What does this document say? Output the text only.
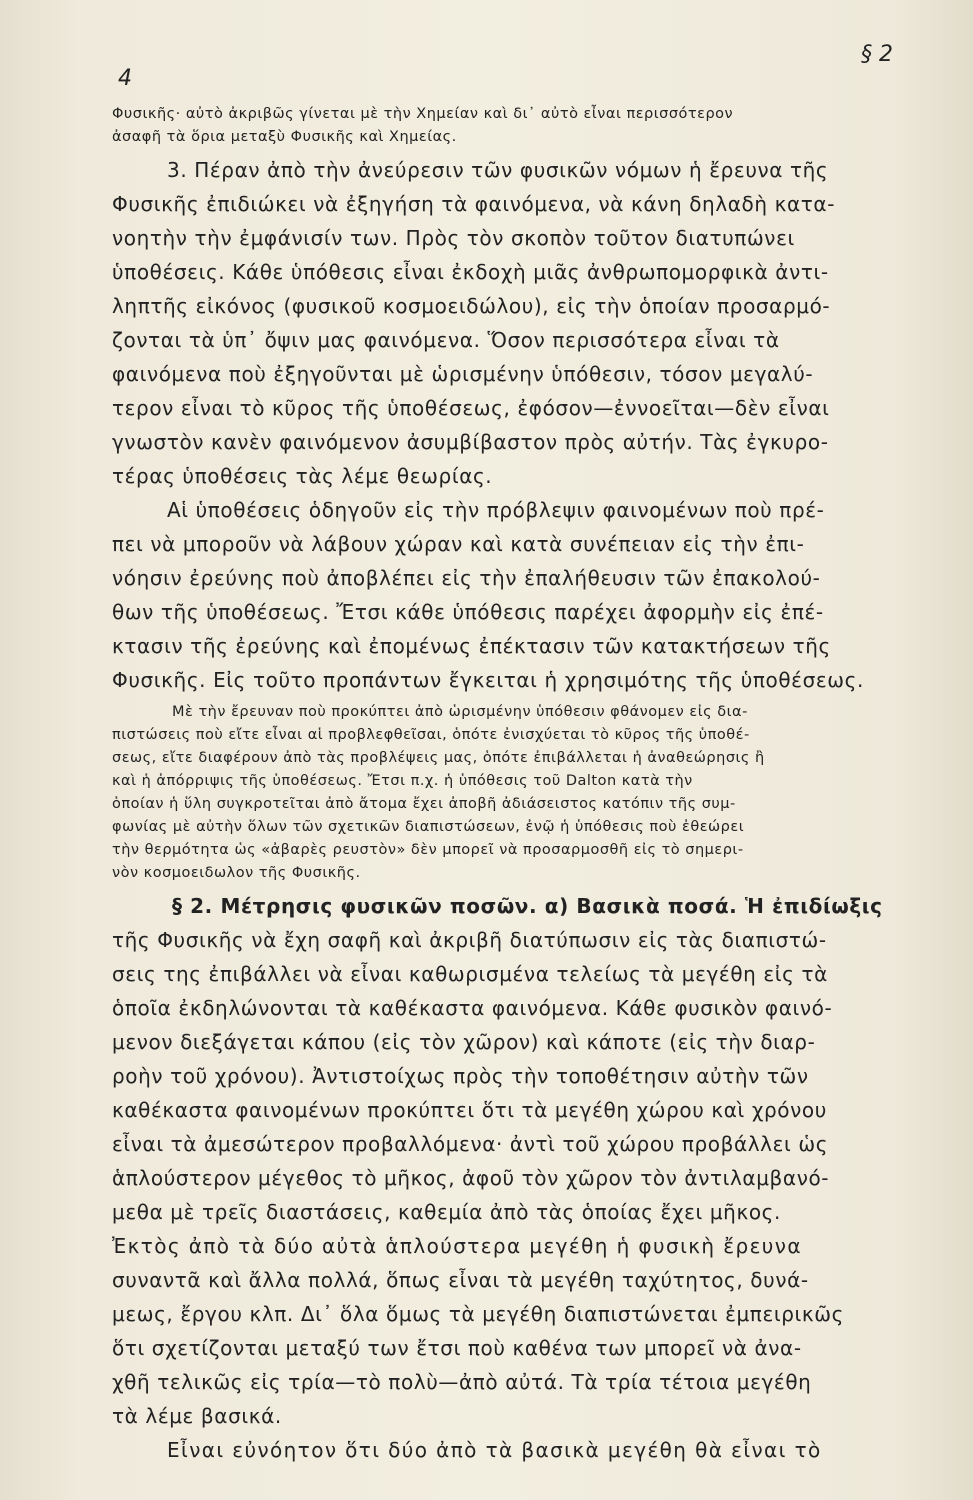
4
§ 2
Φυσικῆς· αὐτὸ ἀκριβῶς γίνεται μὲ τὴν Χημείαν καὶ δι᾽ αὐτὸ εἶναι περισσότερον
ἀσαφῆ τὰ ὅρια μεταξὺ Φυσικῆς καὶ Χημείας.
3. Πέραν ἀπὸ τὴν ἀνεύρεσιν τῶν φυσικῶν νόμων ἡ ἔρευνα τῆς
Φυσικῆς ἐπιδιώκει νὰ ἐξηγήση τὰ φαινόμενα, νὰ κάνη δηλαδὴ κατα-
νοητὴν τὴν ἐμφάνισίν των. Πρὸς τὸν σκοπὸν τοῦτον διατυπώνει
ὑποθέσεις. Κάθε ὑπόθεσις εἶναι ἐκδοχὴ μιᾶς ἀνθρωπομορφικὰ ἀντι-
ληπτῆς εἰκόνος (φυσικοῦ κοσμοειδώλου), εἰς τὴν ὁποίαν προσαρμό-
ζονται τὰ ὑπ᾽ ὄψιν μας φαινόμενα. Ὅσον περισσότερα εἶναι τὰ
φαινόμενα ποὺ ἐξηγοῦνται μὲ ὡρισμένην ὑπόθεσιν, τόσον μεγαλύ-
τερον εἶναι τὸ κῦρος τῆς ὑποθέσεως, ἐφόσον—ἐννοεῖται—δὲν εἶναι
γνωστὸν κανὲν φαινόμενον ἀσυμβίβαστον πρὸς αὐτήν. Τὰς ἐγκυρο-
τέρας ὑποθέσεις τὰς λέμε θεωρίας.
Αἱ ὑποθέσεις ὁδηγοῦν εἰς τὴν πρόβλεψιν φαινομένων ποὺ πρέ-
πει νὰ μποροῦν νὰ λάβουν χώραν καὶ κατὰ συνέπειαν εἰς τὴν ἐπι-
νόησιν ἐρεύνης ποὺ ἀποβλέπει εἰς τὴν ἐπαλήθευσιν τῶν ἐπακολού-
θων τῆς ὑποθέσεως. Ἔτσι κάθε ὑπόθεσις παρέχει ἀφορμὴν εἰς ἐπέ-
κτασιν τῆς ἐρεύνης καὶ ἐπομένως ἐπέκτασιν τῶν κατακτήσεων τῆς
Φυσικῆς. Εἰς τοῦτο προπάντων ἔγκειται ἡ χρησιμότης τῆς ὑποθέσεως.
Μὲ τὴν ἔρευναν ποὺ προκύπτει ἀπὸ ὡρισμένην ὑπόθεσιν φθάνομεν εἰς δια-
πιστώσεις ποὺ εἴτε εἶναι αἱ προβλεφθεῖσαι, ὁπότε ἐνισχύεται τὸ κῦρος τῆς ὑποθέ-
σεως, εἴτε διαφέρουν ἀπὸ τὰς προβλέψεις μας, ὁπότε ἐπιβάλλεται ἡ ἀναθεώρησις ἢ
καὶ ἡ ἀπόρριψις τῆς ὑποθέσεως. Ἔτσι π.χ. ἡ ὑπόθεσις τοῦ Dalton κατὰ τὴν
ὁποίαν ἡ ὕλη συγκροτεῖται ἀπὸ ἄτομα ἔχει ἀποβῆ ἀδιάσειστος κατόπιν τῆς συμ-
φωνίας μὲ αὐτὴν ὅλων τῶν σχετικῶν διαπιστώσεων, ἐνῷ ἡ ὑπόθεσις ποὺ ἐθεώρει
τὴν θερμότητα ὡς «ἀβαρὲς ρευστὸν» δὲν μπορεῖ νὰ προσαρμοσθῆ εἰς τὸ σημερι-
νὸν κοσμοειδωλον τῆς Φυσικῆς.
§ 2. Μέτρησις φυσικῶν ποσῶν. α) Βασικὰ ποσά. Ἡ ἐπιδίωξις
τῆς Φυσικῆς νὰ ἔχη σαφῆ καὶ ἀκριβῆ διατύπωσιν εἰς τὰς διαπιστώ-
σεις της ἐπιβάλλει νὰ εἶναι καθωρισμένα τελείως τὰ μεγέθη εἰς τὰ
ὁποῖα ἐκδηλώνονται τὰ καθέκαστα φαινόμενα. Κάθε φυσικὸν φαινό-
μενον διεξάγεται κάπου (εἰς τὸν χῶρον) καὶ κάποτε (εἰς τὴν διαρ-
ροὴν τοῦ χρόνου). Ἀντιστοίχως πρὸς τὴν τοποθέτησιν αὐτὴν τῶν
καθέκαστα φαινομένων προκύπτει ὅτι τὰ μεγέθη χώρου καὶ χρόνου
εἶναι τὰ ἀμεσώτερον προβαλλόμενα· ἀντὶ τοῦ χώρου προβάλλει ὡς
ἁπλούστερον μέγεθος τὸ μῆκος, ἀφοῦ τὸν χῶρον τὸν ἀντιλαμβανό-
μεθα μὲ τρεῖς διαστάσεις, καθεμία ἀπὸ τὰς ὁποίας ἔχει μῆκος.
Ἐκτὸς ἀπὸ τὰ δύο αὐτὰ ἁπλούστερα μεγέθη ἡ φυσικὴ ἔρευνα
συναντᾶ καὶ ἄλλα πολλά, ὅπως εἶναι τὰ μεγέθη ταχύτητος, δυνά-
μεως, ἔργου κλπ. Δι᾽ ὅλα ὅμως τὰ μεγέθη διαπιστώνεται ἐμπειρικῶς
ὅτι σχετίζονται μεταξύ των ἔτσι ποὺ καθένα των μπορεῖ νὰ ἀνα-
χθῆ τελικῶς εἰς τρία—τὸ πολὺ—ἀπὸ αὐτά. Τὰ τρία τέτοια μεγέθη
τὰ λέμε βασικά.
Εἶναι εὐνόητον ὅτι δύο ἀπὸ τὰ βασικὰ μεγέθη θὰ εἶναι τὸ
